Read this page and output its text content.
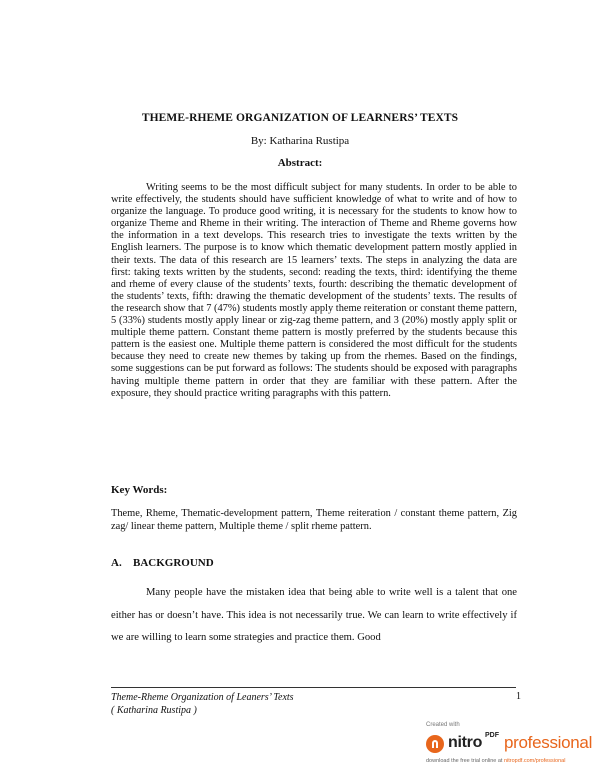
THEME-RHEME ORGANIZATION OF LEARNERS’ TEXTS
By: Katharina Rustipa
Abstract:

Writing seems to be the most difficult subject for many students. In order to be able to write effectively, the students should have sufficient knowledge of what to write and of how to organize the language. To produce good writing, it is necessary for the students to know how to organize Theme and Rheme in their writing. The interaction of Theme and Rheme governs how the information in a text develops. This research tries to investigate the texts written by the English learners. The purpose is to know which thematic development pattern mostly applied in their texts. The data of this research are 15 learners’ texts. The steps in analyzing the data are first: taking texts written by the students, second: reading the texts, third: identifying the theme and rheme of every clause of the students’ texts, fourth: describing the thematic development of the students’ texts, fifth: drawing the thematic development of the students’ texts. The results of the research show that 7 (47%) students mostly apply theme reiteration or constant theme pattern, 5 (33%) students mostly apply linear or zig-zag theme pattern, and 3 (20%) mostly apply split or multiple theme pattern. Constant theme pattern is mostly preferred by the students because this pattern is the easiest one. Multiple theme pattern is considered the most difficult for the students because they need to create new themes by taking up from the rhemes. Based on the findings, some suggestions can be put forward as follows: The students should be exposed with paragraphs having multiple theme pattern in order that they are familiar with these pattern. After the exposure, they should practice writing paragraphs with this pattern.

Key Words:

Theme, Rheme, Thematic-development pattern, Theme reiteration / constant theme pattern, Zig zag/ linear theme pattern, Multiple theme / split rheme pattern.

A. BACKGROUND

Many people have the mistaken idea that being able to write well is a talent that one either has or doesn’t have. This idea is not necessarily true. We can learn to write effectively if we are willing to learn some strategies and practice them. Good

Theme-Rheme Organization of Leaners’ Texts
( Katharina Rustipa )
1
Created with
nitro PDF professional
download the free trial online at nitropdf.com/professional
